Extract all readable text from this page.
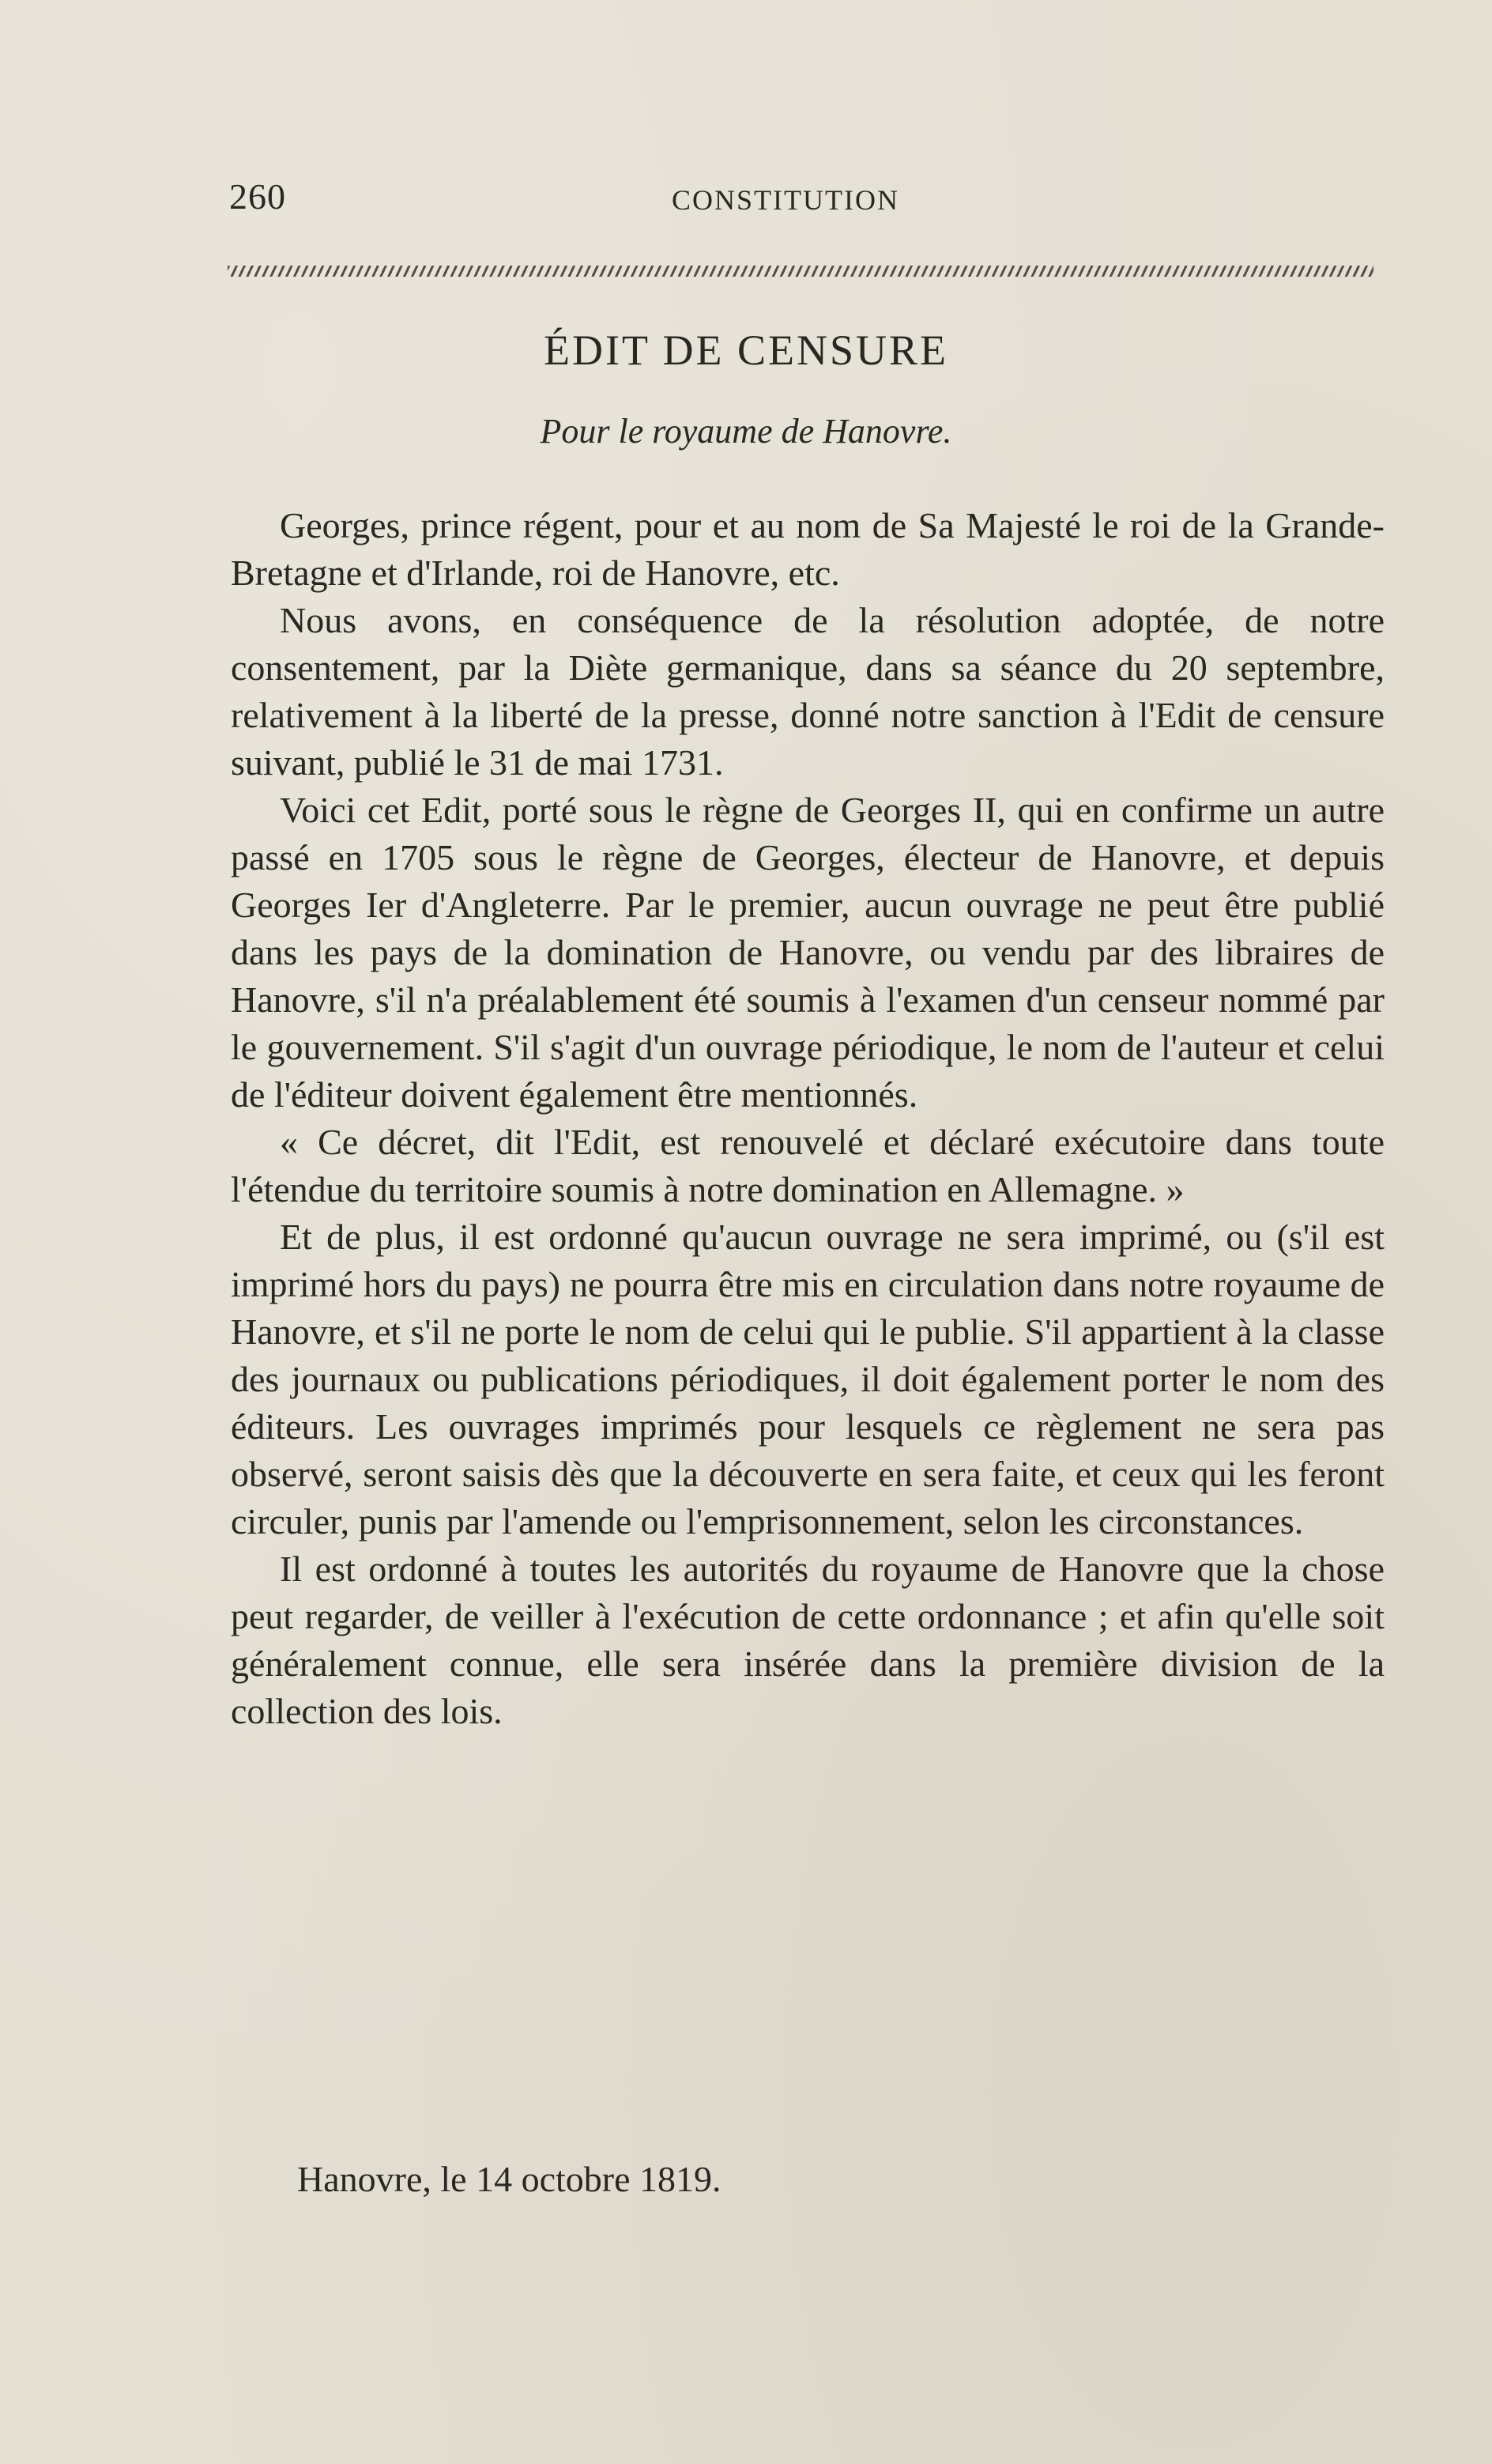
260	CONSTITUTION
ÉDIT DE CENSURE
Pour le royaume de Hanovre.

Georges, prince régent, pour et au nom de Sa Majesté le roi de la Grande-Bretagne et d'Irlande, roi de Hanovre, etc.

Nous avons, en conséquence de la résolution adoptée, de notre consentement, par la Diète germanique, dans sa séance du 20 septembre, relativement à la liberté de la presse, donné notre sanction à l'Edit de censure suivant, publié le 31 de mai 1731.

Voici cet Edit, porté sous le règne de Georges II, qui en confirme un autre passé en 1705 sous le règne de Georges, électeur de Hanovre, et depuis Georges Ier d'Angleterre. Par le premier, aucun ouvrage ne peut être publié dans les pays de la domination de Hanovre, ou vendu par des libraires de Hanovre, s'il n'a préalablement été soumis à l'examen d'un censeur nommé par le gouvernement. S'il s'agit d'un ouvrage périodique, le nom de l'auteur et celui de l'éditeur doivent également être mentionnés.

« Ce décret, dit l'Edit, est renouvelé et déclaré exécutoire dans toute l'étendue du territoire soumis à notre domination en Allemagne. »

Et de plus, il est ordonné qu'aucun ouvrage ne sera imprimé, ou (s'il est imprimé hors du pays) ne pourra être mis en circulation dans notre royaume de Hanovre, et s'il ne porte le nom de celui qui le publie. S'il appartient à la classe des journaux ou publications périodiques, il doit également porter le nom des éditeurs. Les ouvrages imprimés pour lesquels ce règlement ne sera pas observé, seront saisis dès que la découverte en sera faite, et ceux qui les feront circuler, punis par l'amende ou l'emprisonnement, selon les circonstances.

Il est ordonné à toutes les autorités du royaume de Hanovre que la chose peut regarder, de veiller à l'exécution de cette ordonnance ; et afin qu'elle soit généralement connue, elle sera insérée dans la première division de la collection des lois.

Hanovre, le 14 octobre 1819.
